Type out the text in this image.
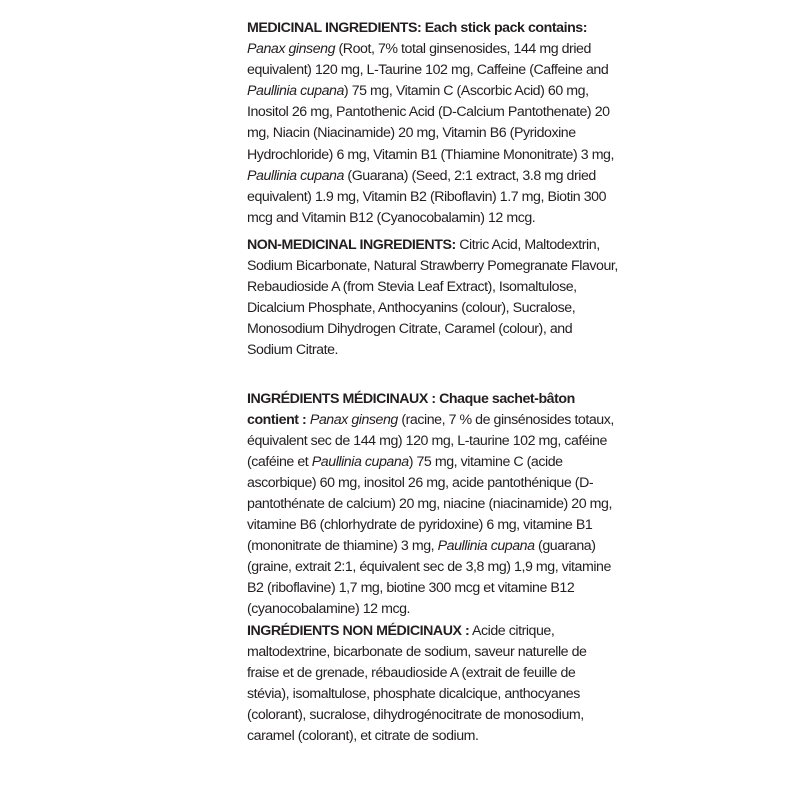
MEDICINAL INGREDIENTS: Each stick pack contains:
Panax ginseng (Root, 7% total ginsenosides, 144 mg dried equivalent) 120 mg, L-Taurine 102 mg, Caffeine (Caffeine and Paullinia cupana) 75 mg, Vitamin C (Ascorbic Acid) 60 mg, Inositol 26 mg, Pantothenic Acid (D-Calcium Pantothenate) 20 mg, Niacin (Niacinamide) 20 mg, Vitamin B6 (Pyridoxine Hydrochloride) 6 mg, Vitamin B1 (Thiamine Mononitrate) 3 mg, Paullinia cupana (Guarana) (Seed, 2:1 extract, 3.8 mg dried equivalent) 1.9 mg, Vitamin B2 (Riboflavin) 1.7 mg, Biotin 300 mcg and Vitamin B12 (Cyanocobalamin) 12 mcg.

NON-MEDICINAL INGREDIENTS: Citric Acid, Maltodextrin, Sodium Bicarbonate, Natural Strawberry Pomegranate Flavour, Rebaudioside A (from Stevia Leaf Extract), Isomaltulose, Dicalcium Phosphate, Anthocyanins (colour), Sucralose, Monosodium Dihydrogen Citrate, Caramel (colour), and Sodium Citrate.

INGRÉDIENTS MÉDICINAUX : Chaque sachet-bâton contient : Panax ginseng (racine, 7 % de ginsénosides totaux, équivalent sec de 144 mg) 120 mg, L-taurine 102 mg, caféine (caféine et Paullinia cupana) 75 mg, vitamine C (acide ascorbique) 60 mg, inositol 26 mg, acide pantothénique (D-pantothénate de calcium) 20 mg, niacine (niacinamide) 20 mg, vitamine B6 (chlorhydrate de pyridoxine) 6 mg, vitamine B1 (mononitrate de thiamine) 3 mg, Paullinia cupana (guarana) (graine, extrait 2:1, équivalent sec de 3,8 mg) 1,9 mg, vitamine B2 (riboflavine) 1,7 mg, biotine 300 mcg et vitamine B12 (cyanocobalamine) 12 mcg.

INGRÉDIENTS NON MÉDICINAUX : Acide citrique, maltodextrine, bicarbonate de sodium, saveur naturelle de fraise et de grenade, rébaudioside A (extrait de feuille de stévia), isomaltulose, phosphate dicalcique, anthocyanes (colorant), sucralose, dihydrogénocitrate de monosodium, caramel (colorant), et citrate de sodium.
